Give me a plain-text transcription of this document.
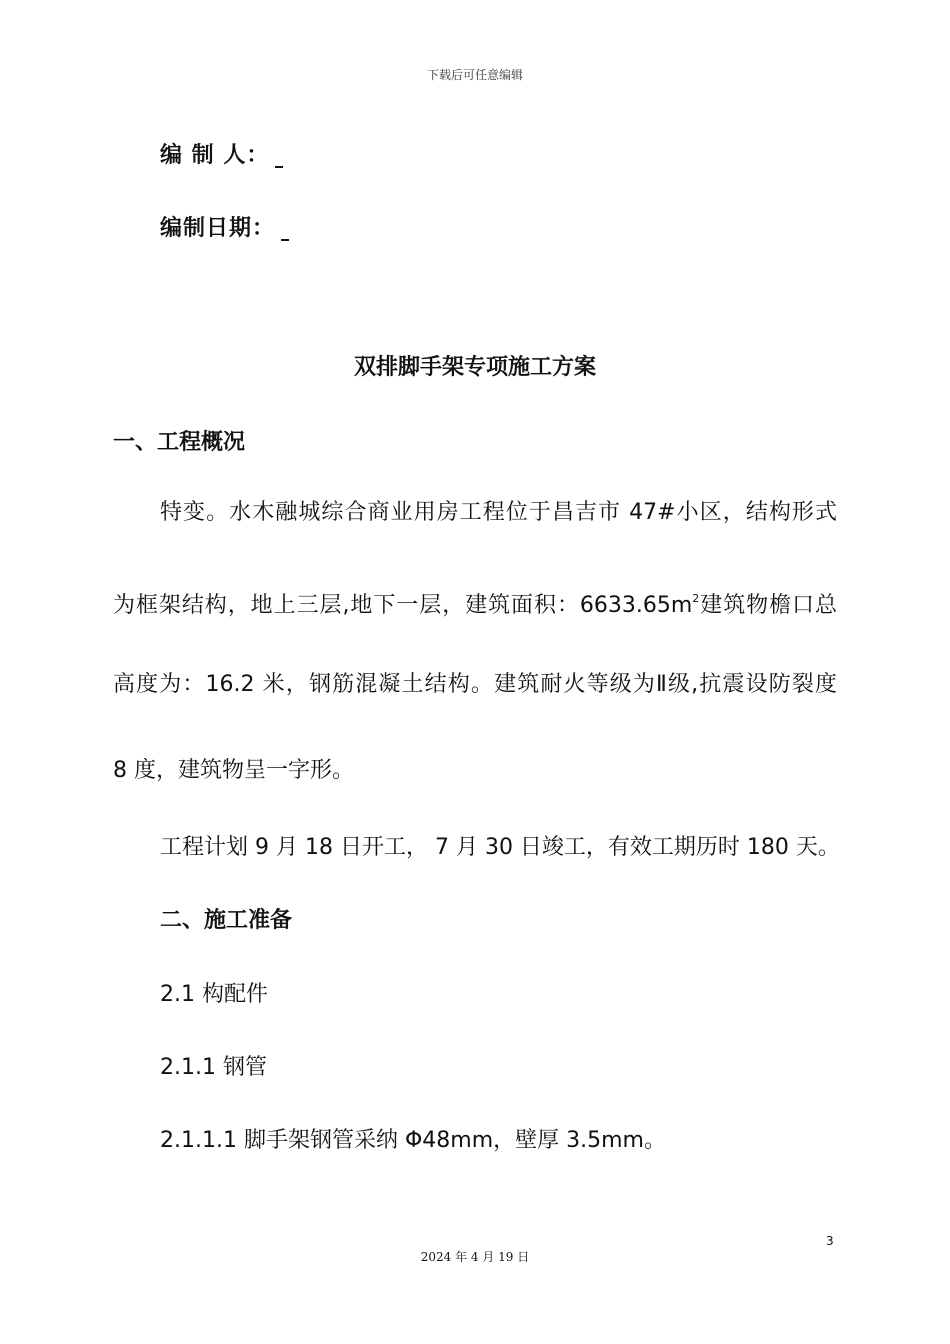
下载后可任意编辑
编 制 人：
编制日期：
双排脚手架专项施工方案
一、工程概况
特变。水木融城综合商业用房工程位于昌吉市 47#小区，结构形式
为框架结构，地上三层,地下一层，建筑面积：$6633.65m^2$建筑物檐口总
高度为：16.2 米，钢筋混凝土结构。建筑耐火等级为Ⅱ级,抗震设防裂度
8 度，建筑物呈一字形。
工程计划 9 月 18 日开工， 7 月 30 日竣工，有效工期历时 180 天。
二、施工准备
2.1 构配件
2.1.1 钢管
2.1.1.1 脚手架钢管采纳 Φ48mm，壁厚 3.5mm。
3
2024 年 4 月 19 日
